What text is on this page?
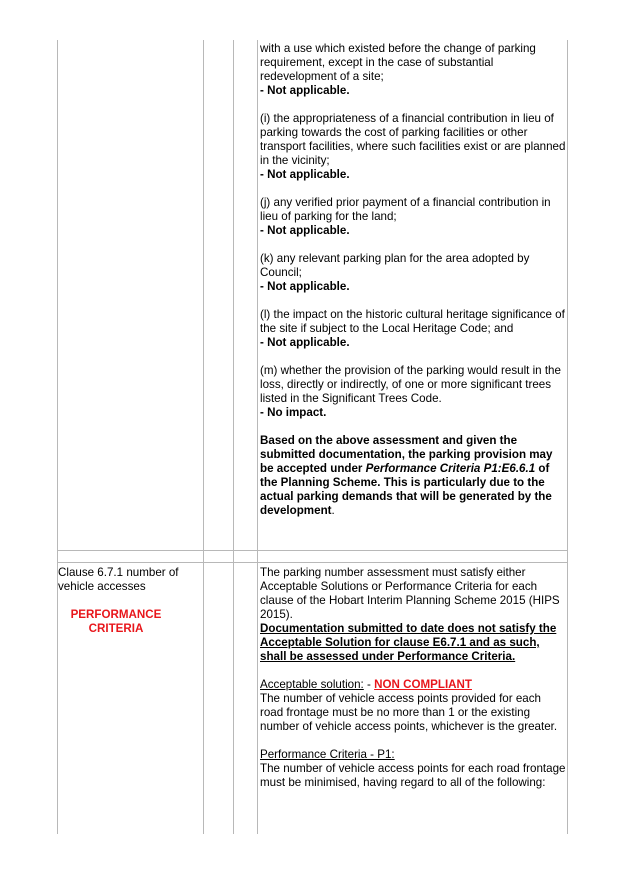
with a use which existed before the change of parking requirement, except in the case of substantial redevelopment of a site;
- Not applicable.

(i) the appropriateness of a financial contribution in lieu of parking towards the cost of parking facilities or other transport facilities, where such facilities exist or are planned in the vicinity;
- Not applicable.

(j) any verified prior payment of a financial contribution in lieu of parking for the land;
- Not applicable.

(k) any relevant parking plan for the area adopted by Council;
- Not applicable.

(l) the impact on the historic cultural heritage significance of the site if subject to the Local Heritage Code; and
- Not applicable.

(m) whether the provision of the parking would result in the loss, directly or indirectly, of one or more significant trees listed in the Significant Trees Code.
- No impact.

Based on the above assessment and given the submitted documentation, the parking provision may be accepted under Performance Criteria P1:E6.6.1 of the Planning Scheme. This is particularly due to the actual parking demands that will be generated by the development.

Clause 6.7.1 number of vehicle accesses
PERFORMANCE CRITERIA

The parking number assessment must satisfy either Acceptable Solutions or Performance Criteria for each clause of the Hobart Interim Planning Scheme 2015 (HIPS 2015).
Documentation submitted to date does not satisfy the Acceptable Solution for clause E6.7.1 and as such, shall be assessed under Performance Criteria.

Acceptable solution: - NON COMPLIANT
The number of vehicle access points provided for each road frontage must be no more than 1 or the existing number of vehicle access points, whichever is the greater.

Performance Criteria - P1:
The number of vehicle access points for each road frontage must be minimised, having regard to all of the following:
